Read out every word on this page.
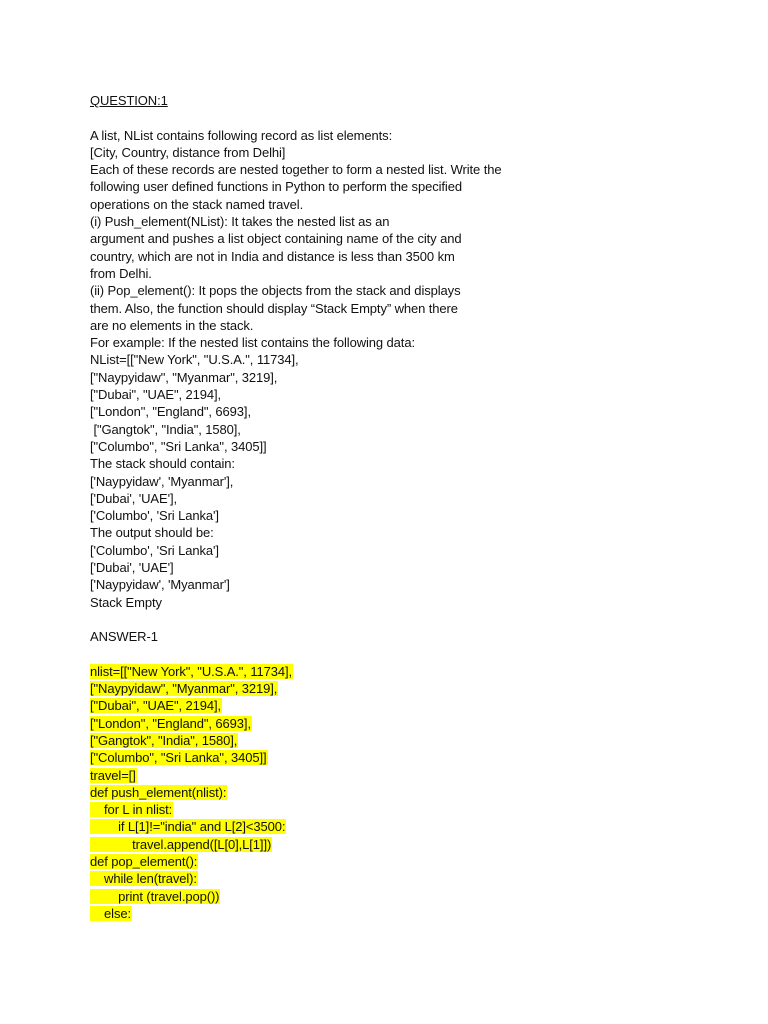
QUESTION:1
A list, NList contains following record as list elements:
[City, Country, distance from Delhi]
Each of these records are nested together to form a nested list. Write the
following user defined functions in Python to perform the specified
operations on the stack named travel.
(i) Push_element(NList): It takes the nested list as an
argument and pushes a list object containing name of the city and
country, which are not in India and distance is less than 3500 km
from Delhi.
(ii) Pop_element(): It pops the objects from the stack and displays
them. Also, the function should display “Stack Empty” when there
are no elements in the stack.
For example: If the nested list contains the following data:
NList=[["New York", "U.S.A.", 11734],
["Naypyidaw", "Myanmar", 3219],
["Dubai", "UAE", 2194],
["London", "England", 6693],
["Gangtok", "India", 1580],
["Columbo", "Sri Lanka", 3405]]
The stack should contain:
['Naypyidaw', 'Myanmar'],
['Dubai', 'UAE'],
['Columbo', 'Sri Lanka']
The output should be:
['Columbo', 'Sri Lanka']
['Dubai', 'UAE']
['Naypyidaw', 'Myanmar']
Stack Empty
ANSWER-1
nlist=[["New York", "U.S.A.", 11734],
["Naypyidaw", "Myanmar", 3219],
["Dubai", "UAE", 2194],
["London", "England", 6693],
["Gangtok", "India", 1580],
["Columbo", "Sri Lanka", 3405]]
travel=[]
def push_element(nlist):
for L in nlist:
if L[1]!="india" and L[2]<3500:
travel.append([L[0],L[1]])
def pop_element():
while len(travel):
print (travel.pop())
else:
